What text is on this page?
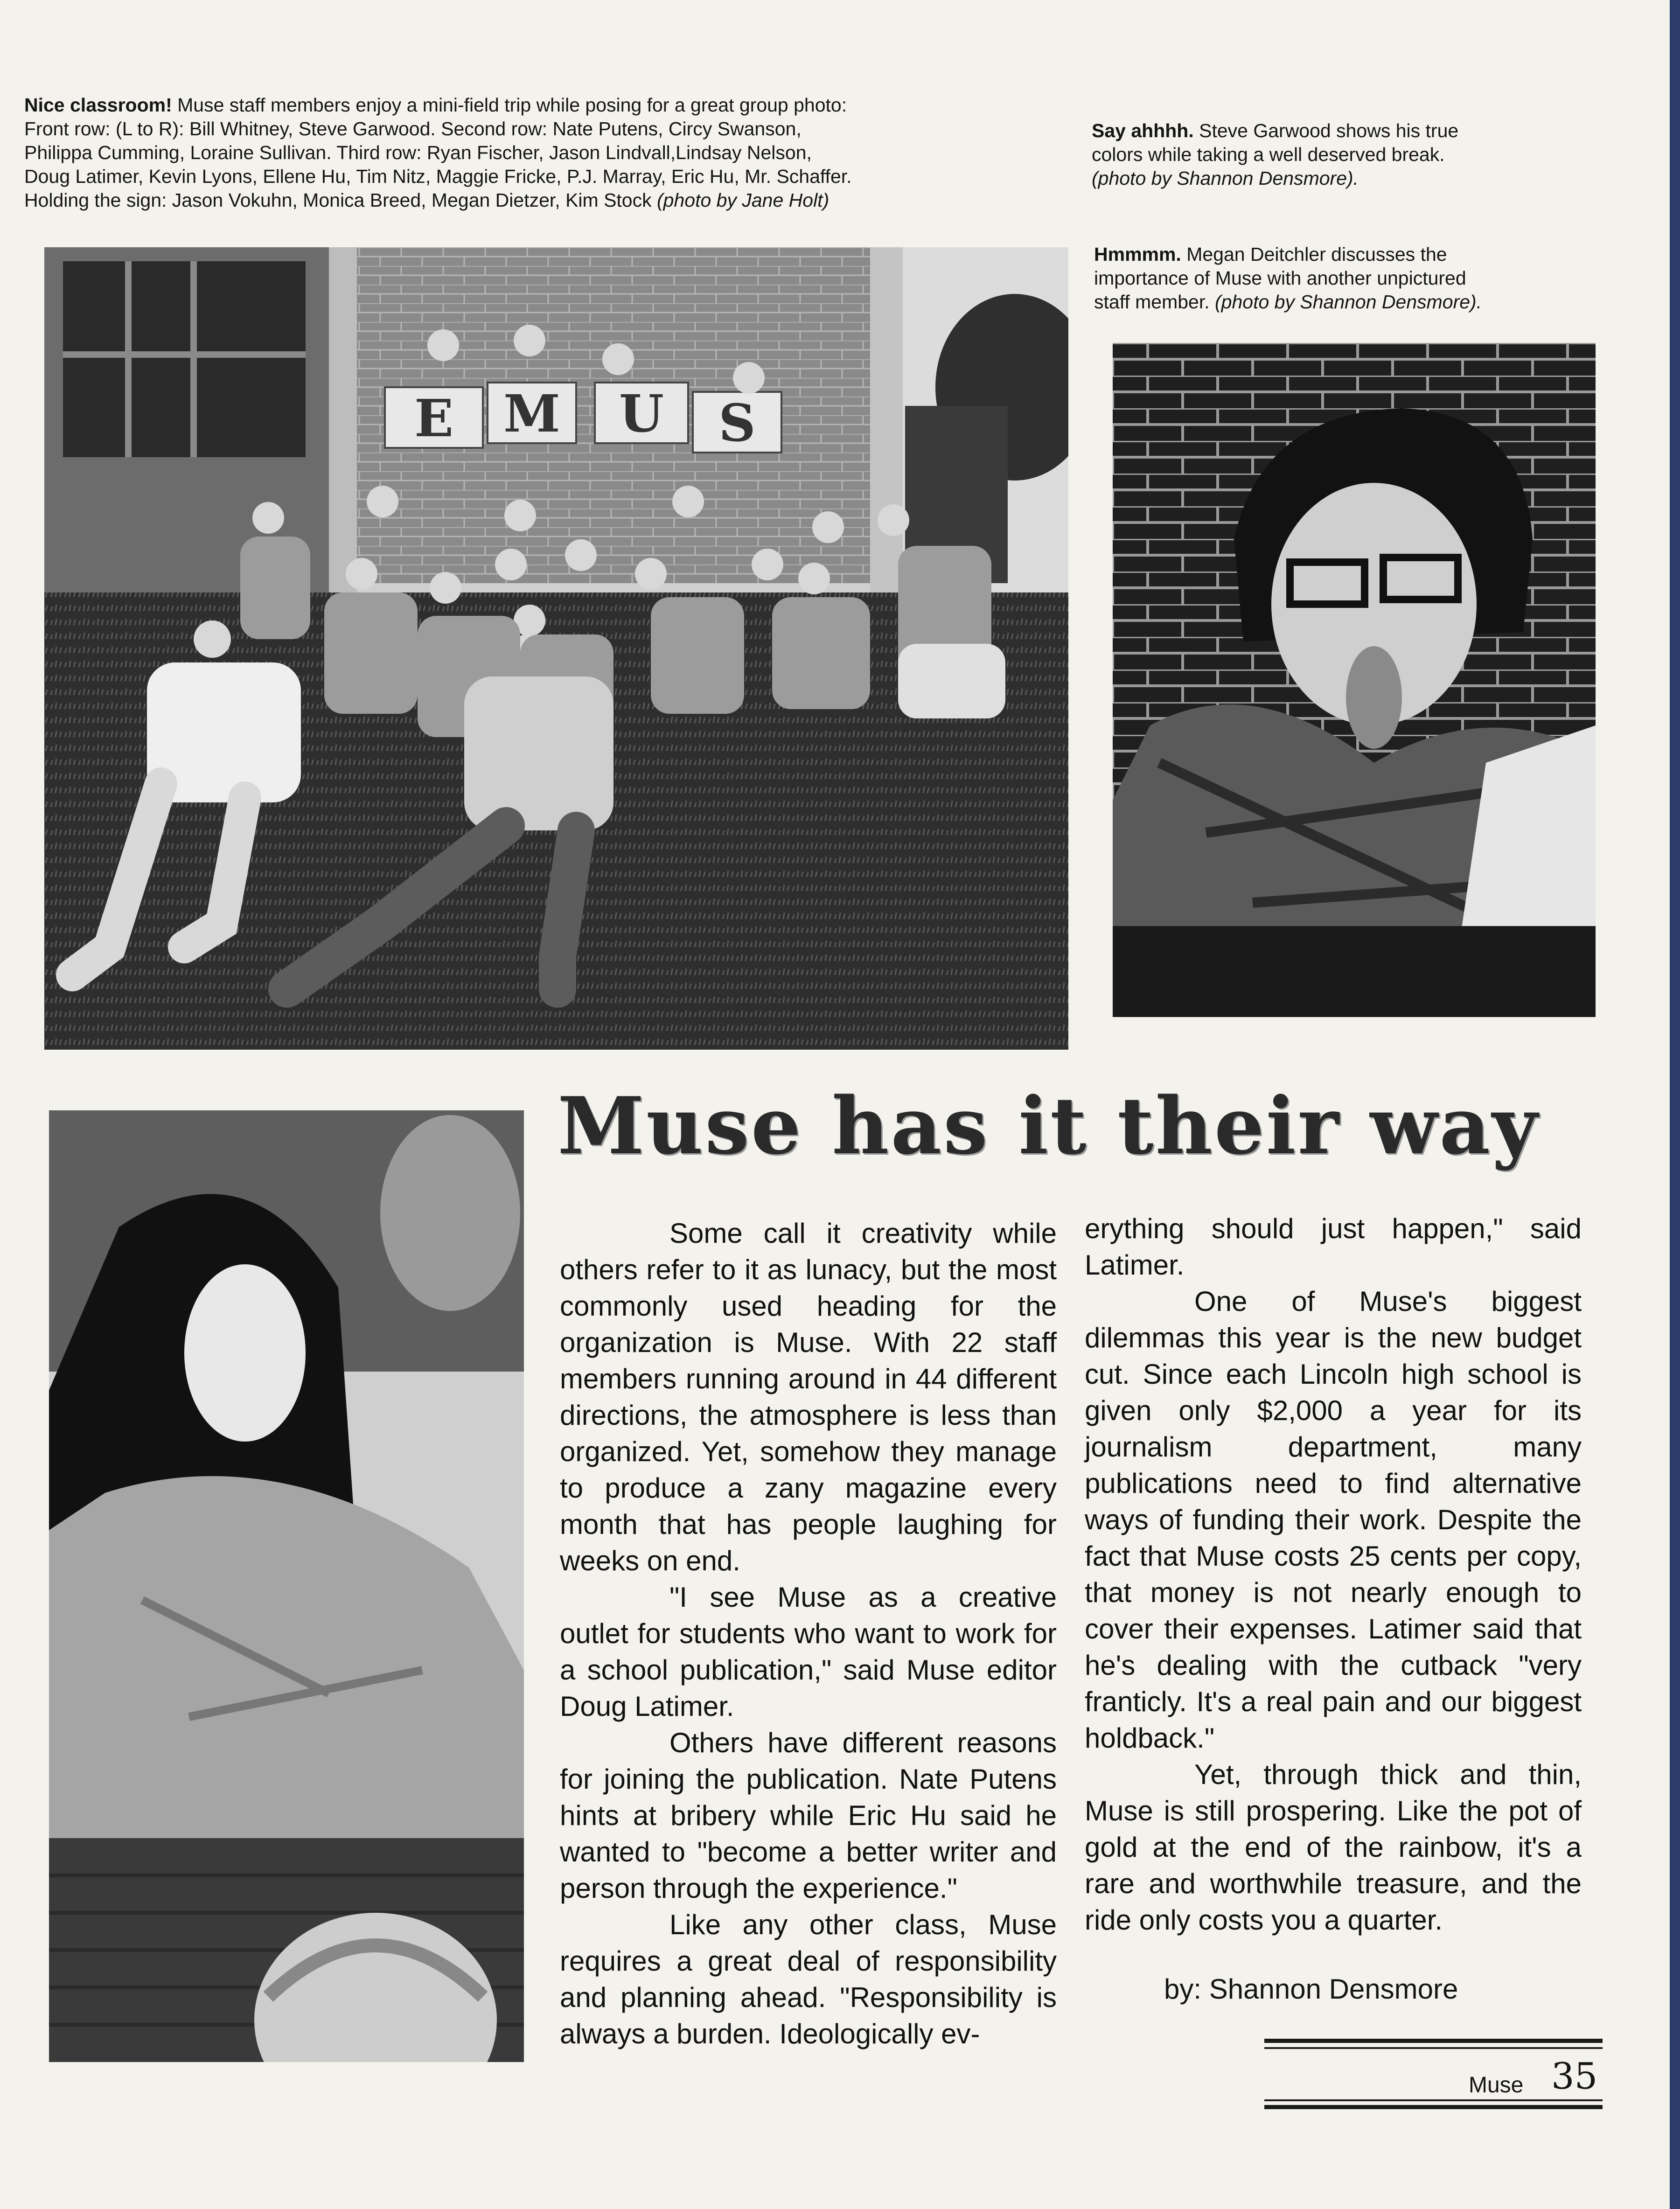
Nice classroom! Muse staff members enjoy a mini-field trip while posing for a great group photo:

Front row: (L to R): Bill Whitney, Steve Garwood. Second row: Nate Putens, Circy Swanson,

Philippa Cumming, Loraine Sullivan. Third row: Ryan Fischer, Jason Lindvall,Lindsay Nelson,

Doug Latimer, Kevin Lyons, Ellene Hu, Tim Nitz, Maggie Fricke, P.J. Marray, Eric Hu, Mr. Schaffer.

Holding the sign: Jason Vokuhn, Monica Breed, Megan Dietzer, Kim Stock (photo by Jane Holt)

Say ahhhh. Steve Garwood shows his true

colors while taking a well deserved break.

(photo by Shannon Densmore).

Hmmmm. Megan Deitchler discusses the

importance of Muse with another unpictured

staff member. (photo by Shannon Densmore).

E M U S
Muse has it their way

Some call it creativity while others refer to it as lunacy, but the most commonly used heading for the organization is Muse. With 22 staff members running around in 44 different directions, the atmosphere is less than organized. Yet, somehow they manage to produce a zany magazine every month that has people laughing for weeks on end.

"I see Muse as a creative outlet for students who want to work for a school publication," said Muse editor Doug Latimer.

Others have different reasons for joining the publication. Nate Putens hints at bribery while Eric Hu said he wanted to "become a better writer and person through the experience."

Like any other class, Muse requires a great deal of responsibility and planning ahead. "Responsibility is always a burden. Ideologically ev-

erything should just happen," said Latimer.

One of Muse's biggest dilemmas this year is the new budget cut. Since each Lincoln high school is given only $2,000 a year for its journalism department, many publications need to find alternative ways of funding their work. Despite the fact that Muse costs 25 cents per copy, that money is not nearly enough to cover their expenses. Latimer said that he's dealing with the cutback "very franticly. It's a real pain and our biggest holdback."

Yet, through thick and thin, Muse is still prospering. Like the pot of gold at the end of the rainbow, it's a rare and worthwhile treasure, and the ride only costs you a quarter.

by: Shannon Densmore
Muse 35
